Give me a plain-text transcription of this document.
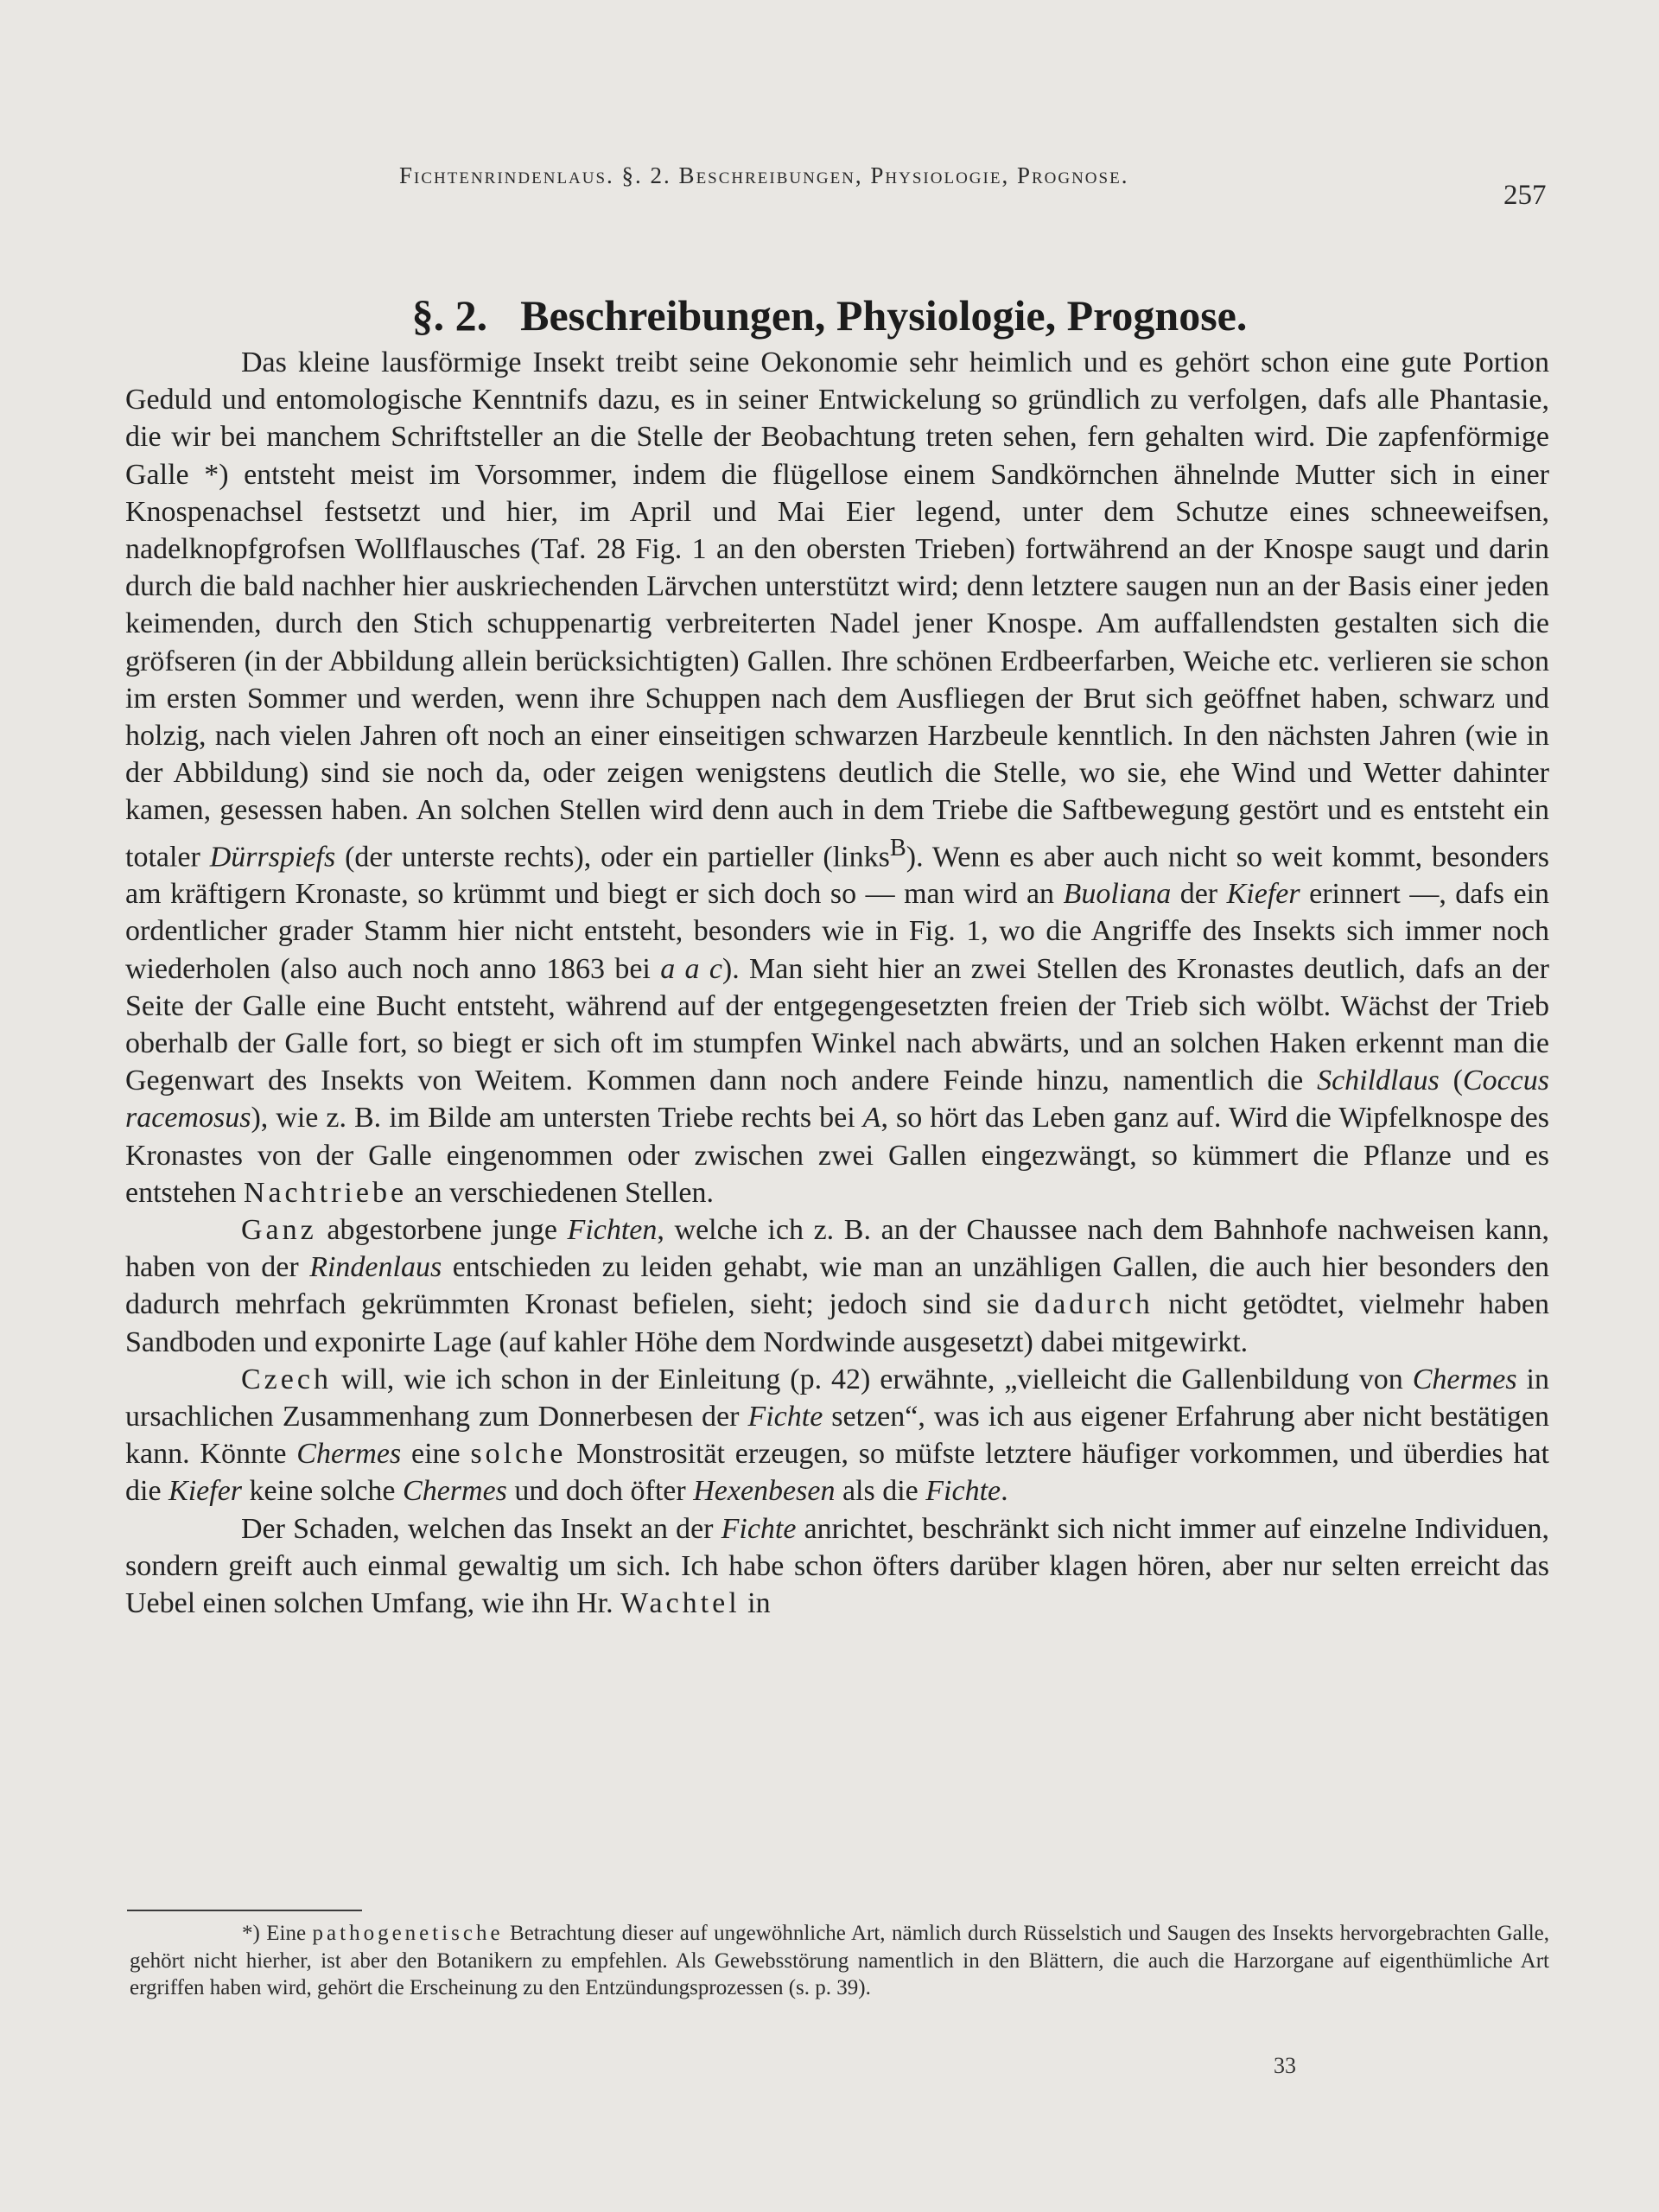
Fichtenrindenlaus. §. 2. Beschreibungen, Physiologie, Prognose.
257
§. 2. Beschreibungen, Physiologie, Prognose.

Das kleine lausförmige Insekt treibt seine Oekonomie sehr heimlich und es gehört schon eine gute Portion Geduld und entomologische Kenntnifs dazu, es in seiner Entwickelung so gründlich zu verfolgen, dafs alle Phantasie, die wir bei manchem Schriftsteller an die Stelle der Beobachtung treten sehen, fern gehalten wird. Die zapfenförmige Galle *) entsteht meist im Vorsommer, indem die flügellose einem Sandkörnchen ähnelnde Mutter sich in einer Knospenachsel festsetzt und hier, im April und Mai Eier legend, unter dem Schutze eines schneeweifsen, nadelknopfgrofsen Wollflausches (Taf. 28 Fig. 1 an den obersten Trieben) fortwährend an der Knospe saugt und darin durch die bald nachher hier auskriechenden Lärvchen unterstützt wird; denn letztere saugen nun an der Basis einer jeden keimenden, durch den Stich schuppenartig verbreiterten Nadel jener Knospe. Am auffallendsten gestalten sich die gröfseren (in der Abbildung allein berücksichtigten) Gallen. Ihre schönen Erdbeerfarben, Weiche etc. verlieren sie schon im ersten Sommer und werden, wenn ihre Schuppen nach dem Ausfliegen der Brut sich geöffnet haben, schwarz und holzig, nach vielen Jahren oft noch an einer einseitigen schwarzen Harzbeule kenntlich. In den nächsten Jahren (wie in der Abbildung) sind sie noch da, oder zeigen wenigstens deutlich die Stelle, wo sie, ehe Wind und Wetter dahinter kamen, gesessen haben. An solchen Stellen wird denn auch in dem Triebe die Saftbewegung gestört und es entsteht ein totaler Dürrspiefs (der unterste rechts), oder ein partieller (links$^B$). Wenn es aber auch nicht so weit kommt, besonders am kräftigern Kronaste, so krümmt und biegt er sich doch so — man wird an Buoliana der Kiefer erinnert —, dafs ein ordentlicher grader Stamm hier nicht entsteht, besonders wie in Fig. 1, wo die Angriffe des Insekts sich immer noch wiederholen (also auch noch anno 1863 bei a a c). Man sieht hier an zwei Stellen des Kronastes deutlich, dafs an der Seite der Galle eine Bucht entsteht, während auf der entgegengesetzten freien der Trieb sich wölbt. Wächst der Trieb oberhalb der Galle fort, so biegt er sich oft im stumpfen Winkel nach abwärts, und an solchen Haken erkennt man die Gegenwart des Insekts von Weitem. Kommen dann noch andere Feinde hinzu, namentlich die Schildlaus (Coccus racemosus), wie z. B. im Bilde am untersten Triebe rechts bei A, so hört das Leben ganz auf. Wird die Wipfelknospe des Kronastes von der Galle eingenommen oder zwischen zwei Gallen eingezwängt, so kümmert die Pflanze und es entstehen Nachtriebe an verschiedenen Stellen.

Ganz abgestorbene junge Fichten, welche ich z. B. an der Chaussee nach dem Bahnhofe nachweisen kann, haben von der Rindenlaus entschieden zu leiden gehabt, wie man an unzähligen Gallen, die auch hier besonders den dadurch mehrfach gekrümmten Kronast befielen, sieht; jedoch sind sie dadurch nicht getödtet, vielmehr haben Sandboden und exponirte Lage (auf kahler Höhe dem Nordwinde ausgesetzt) dabei mitgewirkt.

Czech will, wie ich schon in der Einleitung (p. 42) erwähnte, „vielleicht die Gallenbildung von Chermes in ursachlichen Zusammenhang zum Donnerbesen der Fichte setzen“, was ich aus eigener Erfahrung aber nicht bestätigen kann. Könnte Chermes eine solche Monstrosität erzeugen, so müfste letztere häufiger vorkommen, und überdies hat die Kiefer keine solche Chermes und doch öfter Hexenbesen als die Fichte.

Der Schaden, welchen das Insekt an der Fichte anrichtet, beschränkt sich nicht immer auf einzelne Individuen, sondern greift auch einmal gewaltig um sich. Ich habe schon öfters darüber klagen hören, aber nur selten erreicht das Uebel einen solchen Umfang, wie ihn Hr. Wachtel in

*) Eine pathogenetische Betrachtung dieser auf ungewöhnliche Art, nämlich durch Rüsselstich und Saugen des Insekts hervorgebrachten Galle, gehört nicht hierher, ist aber den Botanikern zu empfehlen. Als Gewebsstörung namentlich in den Blättern, die auch die Harzorgane auf eigenthümliche Art ergriffen haben wird, gehört die Erscheinung zu den Entzündungsprozessen (s. p. 39).

33
